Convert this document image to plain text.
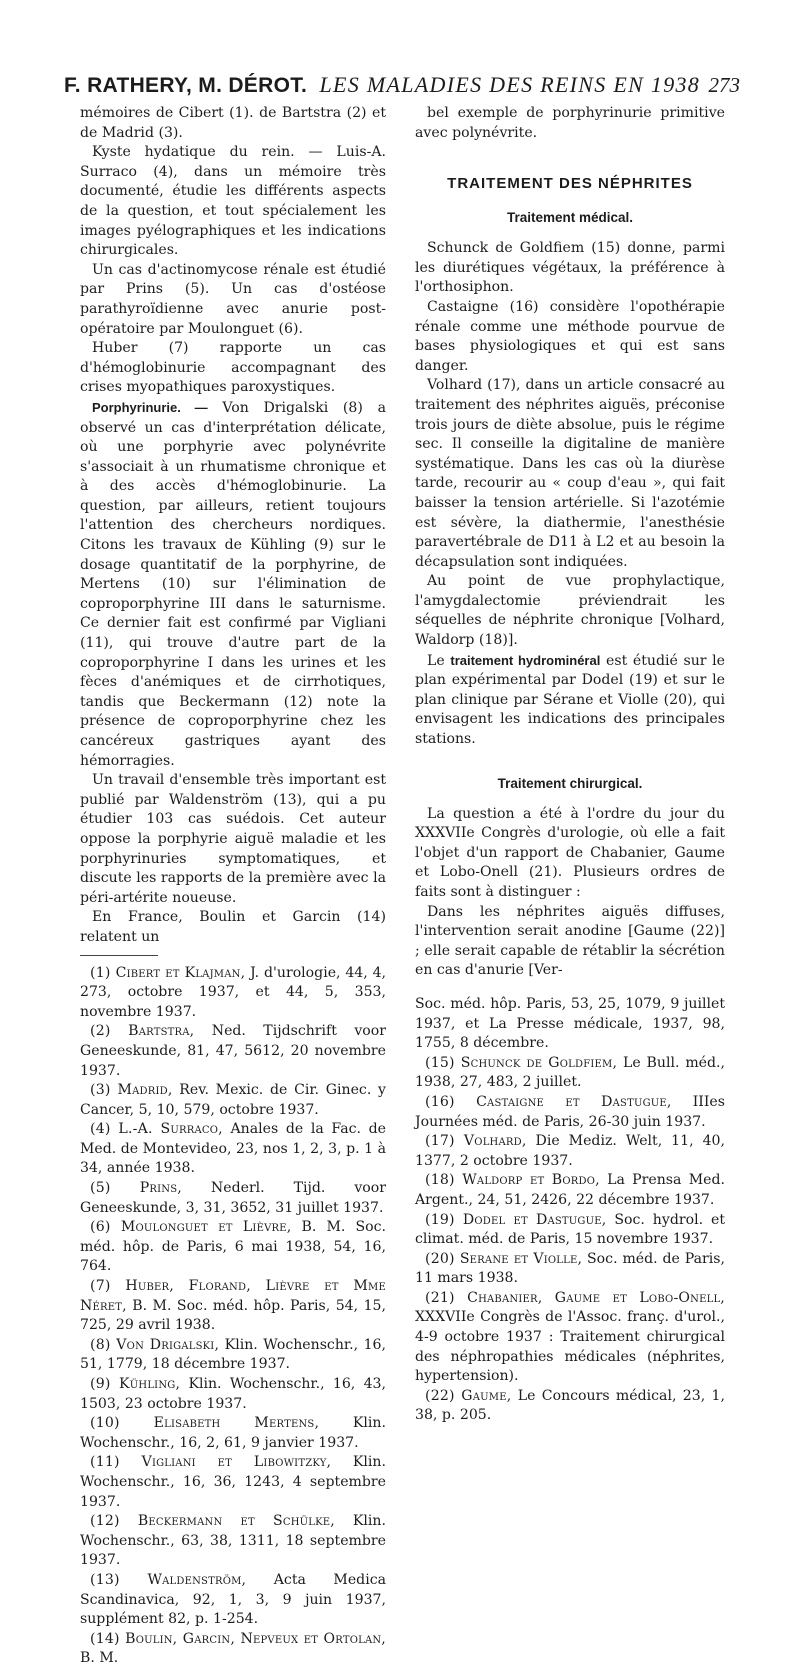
F. RATHERY, M. DÉROT. LES MALADIES DES REINS EN 1938 273

mémoires de Cibert (1). de Bartstra (2) et de Madrid (3).

Kyste hydatique du rein. — Luis-A. Surraco (4), dans un mémoire très documenté, étudie les différents aspects de la question, et tout spécialement les images pyélographiques et les indications chirurgicales.

Un cas d'actinomycose rénale est étudié par Prins (5). Un cas d'ostéose parathyroïdienne avec anurie post-opératoire par Moulonguet (6).

Huber (7) rapporte un cas d'hémoglobinurie accompagnant des crises myopathiques paroxystiques.

Porphyrinurie. — Von Drigalski (8) a observé un cas d'interprétation délicate, où une porphyrie avec polynévrite s'associait à un rhumatisme chronique et à des accès d'hémoglobinurie. La question, par ailleurs, retient toujours l'attention des chercheurs nordiques. Citons les travaux de Kühling (9) sur le dosage quantitatif de la porphyrine, de Mertens (10) sur l'élimination de coproporphyrine III dans le saturnisme. Ce dernier fait est confirmé par Vigliani (11), qui trouve d'autre part de la coproporphyrine I dans les urines et les fèces d'anémiques et de cirrhotiques, tandis que Beckermann (12) note la présence de coproporphyrine chez les cancéreux gastriques ayant des hémorragies.

Un travail d'ensemble très important est publié par Waldenström (13), qui a pu étudier 103 cas suédois. Cet auteur oppose la porphyrie aiguë maladie et les porphyrinuries symptomatiques, et discute les rapports de la première avec la péri-artérite noueuse.

En France, Boulin et Garcin (14) relatent un

(1) Cibert et Klajman, J. d'urologie, 44, 4, 273, octobre 1937, et 44, 5, 353, novembre 1937.

(2) Bartstra, Ned. Tijdschrift voor Geneeskunde, 81, 47, 5612, 20 novembre 1937.

(3) Madrid, Rev. Mexic. de Cir. Ginec. y Cancer, 5, 10, 579, octobre 1937.

(4) L.-A. Surraco, Anales de la Fac. de Med. de Montevideo, 23, nos 1, 2, 3, p. 1 à 34, année 1938.

(5) Prins, Nederl. Tijd. voor Geneeskunde, 3, 31, 3652, 31 juillet 1937.

(6) Moulonguet et Lièvre, B. M. Soc. méd. hôp. de Paris, 6 mai 1938, 54, 16, 764.

(7) Huber, Florand, Lièvre et Mme Néret, B. M. Soc. méd. hôp. Paris, 54, 15, 725, 29 avril 1938.

(8) Von Drigalski, Klin. Wochenschr., 16, 51, 1779, 18 décembre 1937.

(9) Kühling, Klin. Wochenschr., 16, 43, 1503, 23 octobre 1937.

(10) Elisabeth Mertens, Klin. Wochenschr., 16, 2, 61, 9 janvier 1937.

(11) Vigliani et Libowitzky, Klin. Wochenschr., 16, 36, 1243, 4 septembre 1937.

(12) Beckermann et Schülke, Klin. Wochenschr., 63, 38, 1311, 18 septembre 1937.

(13) Waldenström, Acta Medica Scandinavica, 92, 1, 3, 9 juin 1937, supplément 82, p. 1-254.

(14) Boulin, Garcin, Nepveux et Ortolan, B. M.

bel exemple de porphyrinurie primitive avec polynévrite.

TRAITEMENT DES NÉPHRITES
Traitement médical.

Schunck de Goldfiem (15) donne, parmi les diurétiques végétaux, la préférence à l'orthosiphon.

Castaigne (16) considère l'opothérapie rénale comme une méthode pourvue de bases physiologiques et qui est sans danger.

Volhard (17), dans un article consacré au traitement des néphrites aiguës, préconise trois jours de diète absolue, puis le régime sec. Il conseille la digitaline de manière systématique. Dans les cas où la diurèse tarde, recourir au « coup d'eau », qui fait baisser la tension artérielle. Si l'azotémie est sévère, la diathermie, l'anesthésie paravertébrale de D11 à L2 et au besoin la décapsulation sont indiquées.

Au point de vue prophylactique, l'amygdalectomie préviendrait les séquelles de néphrite chronique [Volhard, Waldorp (18)].

Le traitement hydrominéral est étudié sur le plan expérimental par Dodel (19) et sur le plan clinique par Sérane et Violle (20), qui envisagent les indications des principales stations.

Traitement chirurgical.

La question a été à l'ordre du jour du XXXVIIe Congrès d'urologie, où elle a fait l'objet d'un rapport de Chabanier, Gaume et Lobo-Onell (21). Plusieurs ordres de faits sont à distinguer :

Dans les néphrites aiguës diffuses, l'intervention serait anodine [Gaume (22)] ; elle serait capable de rétablir la sécrétion en cas d'anurie [Ver-

Soc. méd. hôp. Paris, 53, 25, 1079, 9 juillet 1937, et La Presse médicale, 1937, 98, 1755, 8 décembre.

(15) Schunck de Goldfiem, Le Bull. méd., 1938, 27, 483, 2 juillet.

(16) Castaigne et Dastugue, IIIes Journées méd. de Paris, 26-30 juin 1937.

(17) Volhard, Die Mediz. Welt, 11, 40, 1377, 2 octobre 1937.

(18) Waldorp et Bordo, La Prensa Med. Argent., 24, 51, 2426, 22 décembre 1937.

(19) Dodel et Dastugue, Soc. hydrol. et climat. méd. de Paris, 15 novembre 1937.

(20) Serane et Violle, Soc. méd. de Paris, 11 mars 1938.

(21) Chabanier, Gaume et Lobo-Onell, XXXVIIe Congrès de l'Assoc. franç. d'urol., 4-9 octobre 1937 : Traitement chirurgical des néphropathies médicales (néphrites, hypertension).

(22) Gaume, Le Concours médical, 23, 1, 38, p. 205.
